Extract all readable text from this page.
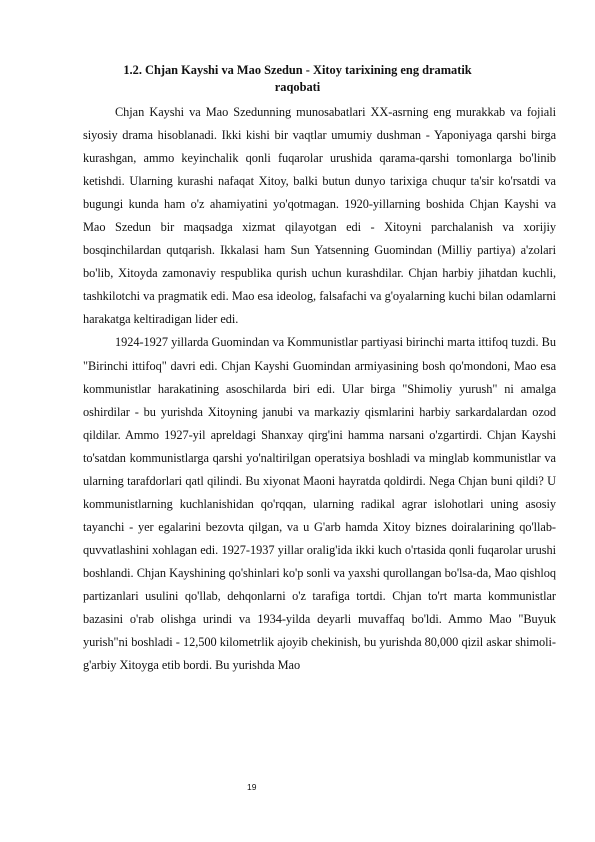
1.2. Chjan Kayshi va Mao Szedun - Xitoy tarixining eng dramatik raqobati

Chjan Kayshi va Mao Szedunning munosabatlari XX-asrning eng murakkab va fojiali siyosiy drama hisoblanadi. Ikki kishi bir vaqtlar umumiy dushman - Yaponiyaga qarshi birga kurashgan, ammo keyinchalik qonli fuqarolar urushida qarama-qarshi tomonlarga bo'linib ketishdi. Ularning kurashi nafaqat Xitoy, balki butun dunyo tarixiga chuqur ta'sir ko'rsatdi va bugungi kunda ham o'z ahamiyatini yo'qotmagan. 1920-yillarning boshida Chjan Kayshi va Mao Szedun bir maqsadga xizmat qilayotgan edi - Xitoyni parchalanish va xorijiy bosqinchilardan qutqarish. Ikkalasi ham Sun Yatsenning Guomindan (Milliy partiya) a'zolari bo'lib, Xitoyda zamonaviy respublika qurish uchun kurashdilar. Chjan harbiy jihatdan kuchli, tashkilotchi va pragmatik edi. Mao esa ideolog, falsafachi va g'oyalarning kuchi bilan odamlarni harakatga keltiradigan lider edi.

1924-1927 yillarda Guomindan va Kommunistlar partiyasi birinchi marta ittifoq tuzdi. Bu "Birinchi ittifoq" davri edi. Chjan Kayshi Guomindan armiyasining bosh qo'mondoni, Mao esa kommunistlar harakatining asoschilarda biri edi. Ular birga "Shimoliy yurush" ni amalga oshirdilar - bu yurishda Xitoyning janubi va markaziy qismlarini harbiy sarkardalardan ozod qildilar. Ammo 1927-yil apreldagi Shanxay qirg'ini hamma narsani o'zgartirdi. Chjan Kayshi to'satdan kommunistlarga qarshi yo'naltirilgan operatsiya boshladi va minglab kommunistlar va ularning tarafdorlari qatl qilindi. Bu xiyonat Maoni hayratda qoldirdi. Nega Chjan buni qildi? U kommunistlarning kuchlanishidan qo'rqqan, ularning radikal agrar islohotlari uning asosiy tayanchi - yer egalarini bezovta qilgan, va u G'arb hamda Xitoy biznes doiralarining qo'llab-quvvatlashini xohlagan edi. 1927-1937 yillar oralig'ida ikki kuch o'rtasida qonli fuqarolar urushi boshlandi. Chjan Kayshining qo'shinlari ko'p sonli va yaxshi qurollangan bo'lsa-da, Mao qishloq partizanlari usulini qo'llab, dehqonlarni o'z tarafiga tortdi. Chjan to'rt marta kommunistlar bazasini o'rab olishga urindi va 1934-yilda deyarli muvaffaq bo'ldi. Ammo Mao "Buyuk yurish"ni boshladi - 12,500 kilometrlik ajoyib chekinish, bu yurishda 80,000 qizil askar shimoli-g'arbiy Xitoyga etib bordi. Bu yurishda Mao

19
